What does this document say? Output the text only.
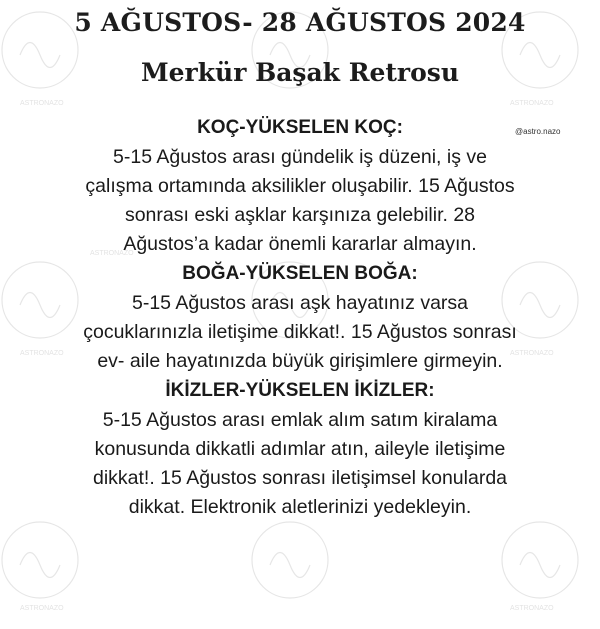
ASTRONAZO	ASTRONAZO
ASTRONAZO
ASTRONAZO	ASTRONAZO
ASTRONAZO	ASTRONAZO
5 AĞUSTOS- 28 AĞUSTOS 2024
Merkür Başak Retrosu
@astro.nazo
KOÇ-YÜKSELEN KOÇ:
5-15 Ağustos arası gündelik iş düzeni, iş ve
çalışma ortamında aksilikler oluşabilir. 15 Ağustos
sonrası eski aşklar karşınıza gelebilir. 28
Ağustos’a kadar önemli kararlar almayın.
BOĞA-YÜKSELEN BOĞA:
5-15 Ağustos arası aşk hayatınız varsa
çocuklarınızla iletişime dikkat!. 15 Ağustos sonrası
ev- aile hayatınızda büyük girişimlere girmeyin.
İKİZLER-YÜKSELEN İKİZLER:
5-15 Ağustos arası emlak alım satım kiralama
konusunda dikkatli adımlar atın, aileyle iletişime
dikkat!. 15 Ağustos sonrası iletişimsel konularda
dikkat. Elektronik aletlerinizi yedekleyin.
